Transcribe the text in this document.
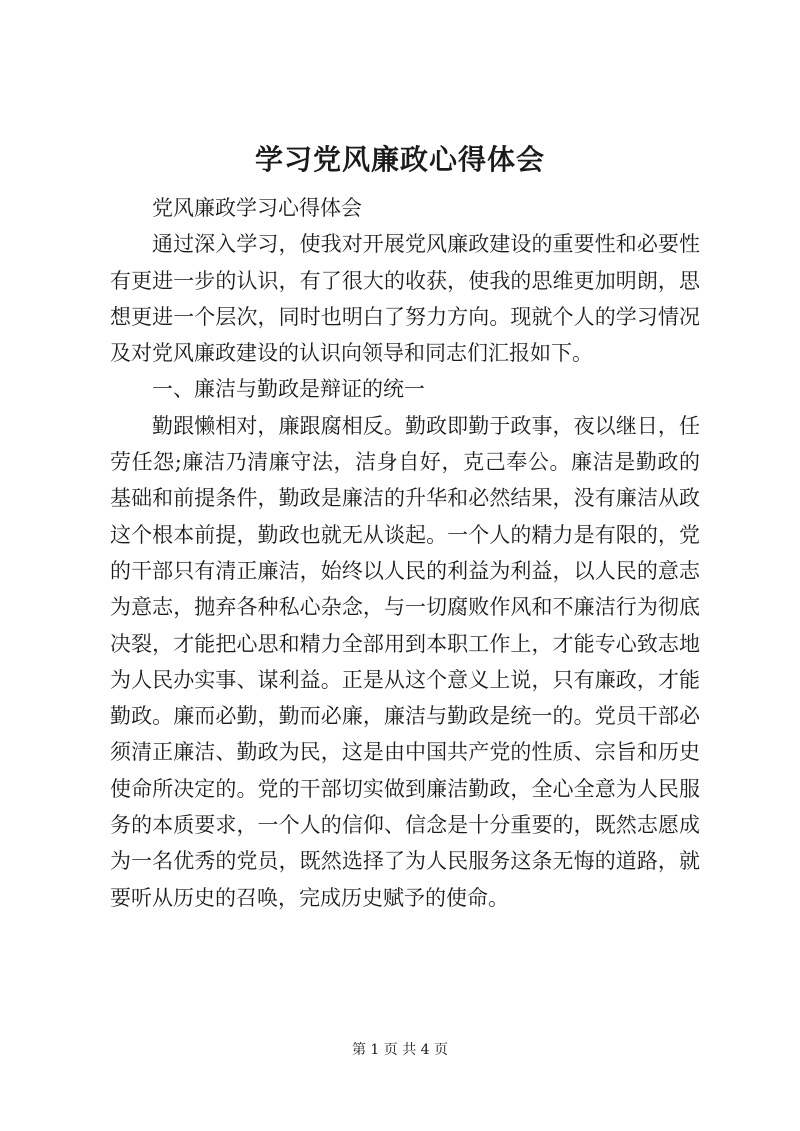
学习党风廉政心得体会

党风廉政学习心得体会

通过深入学习，使我对开展党风廉政建设的重要性和必要性有更进一步的认识，有了很大的收获，使我的思维更加明朗，思想更进一个层次，同时也明白了努力方向。现就个人的学习情况及对党风廉政建设的认识向领导和同志们汇报如下。

一、廉洁与勤政是辩证的统一

勤跟懒相对，廉跟腐相反。勤政即勤于政事，夜以继日，任劳任怨;廉洁乃清廉守法，洁身自好，克己奉公。廉洁是勤政的基础和前提条件，勤政是廉洁的升华和必然结果，没有廉洁从政这个根本前提，勤政也就无从谈起。一个人的精力是有限的，党的干部只有清正廉洁，始终以人民的利益为利益，以人民的意志为意志，抛弃各种私心杂念，与一切腐败作风和不廉洁行为彻底决裂，才能把心思和精力全部用到本职工作上，才能专心致志地为人民办实事、谋利益。正是从这个意义上说，只有廉政，才能勤政。廉而必勤，勤而必廉，廉洁与勤政是统一的。党员干部必须清正廉洁、勤政为民，这是由中国共产党的性质、宗旨和历史使命所决定的。党的干部切实做到廉洁勤政，全心全意为人民服务的本质要求，一个人的信仰、信念是十分重要的，既然志愿成为一名优秀的党员，既然选择了为人民服务这条无悔的道路，就要听从历史的召唤，完成历史赋予的使命。

第 1 页 共 4 页
